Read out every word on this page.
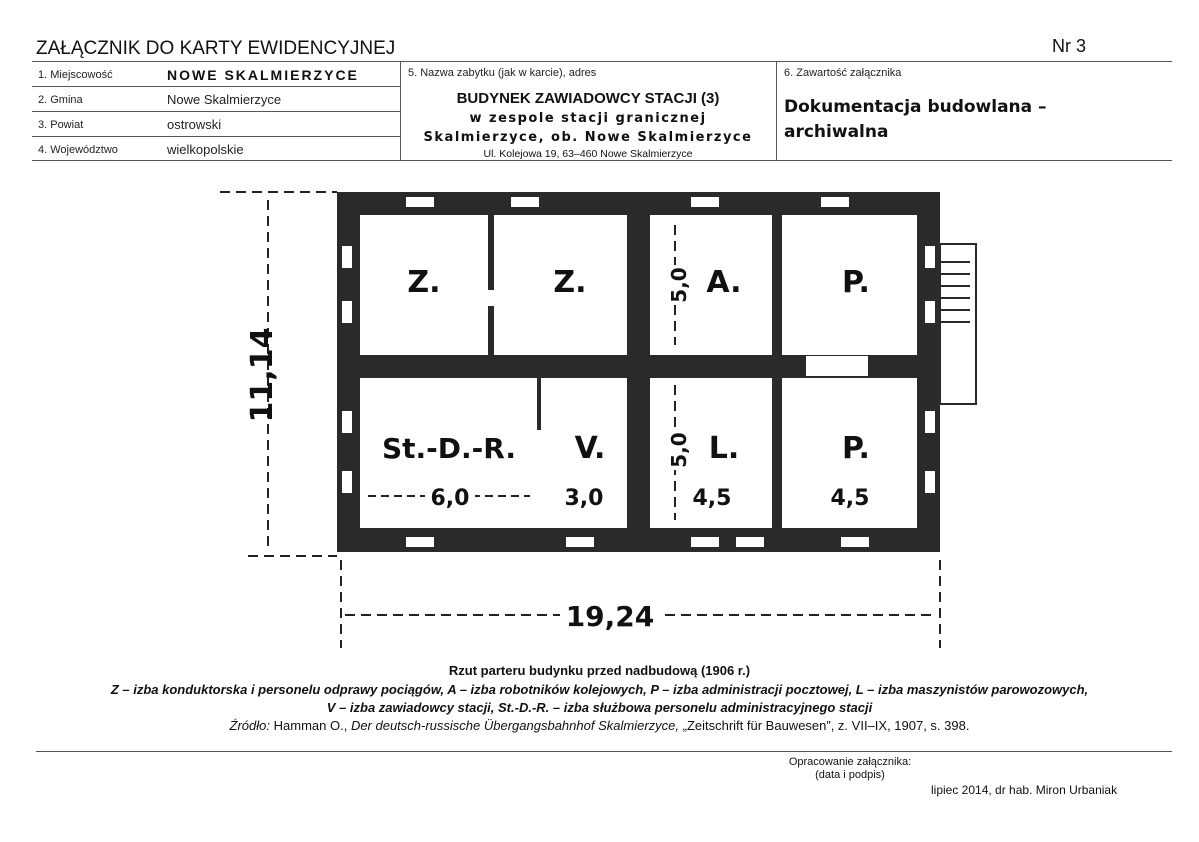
ZAŁĄCZNIK DO KARTY EWIDENCYJNEJ	Nr 3
1. Miejscowość	NOWE SKALMIERZYCE
2. Gmina	Nowe Skalmierzyce
3. Powiat	ostrowski
4. Województwo	wielkopolskie
5. Nazwa zabytku (jak w karcie), adres
BUDYNEK ZAWIADOWCY STACJI (3)
w zespole stacji granicznej
Skalmierzyce, ob. Nowe Skalmierzyce
Ul. Kolejowa 19, 63–460 Nowe Skalmierzyce
6. Zawartość załącznika
Dokumentacja budowlana –
archiwalna
11,14
19,24
Z.	Z.	A.	P.
St.-D.-R. V.	L.	P.
6,0	3,0	4,5	4,5
5,0
5,0
Rzut parteru budynku przed nadbudową (1906 r.)
Z – izba konduktorska i personelu odprawy pociągów, A – izba robotników kolejowych, P – izba administracji pocztowej, L – izba maszynistów parowozowych,
V – izba zawiadowcy stacji, St.-D.-R. – izba służbowa personelu administracyjnego stacji
Źródło: Hamman O., Der deutsch-russische Übergangsbahnhof Skalmierzyce, „Zeitschrift für Bauwesen”, z. VII–IX, 1907, s. 398.
Opracowanie załącznika:
(data i podpis)
lipiec 2014, dr hab. Miron Urbaniak
